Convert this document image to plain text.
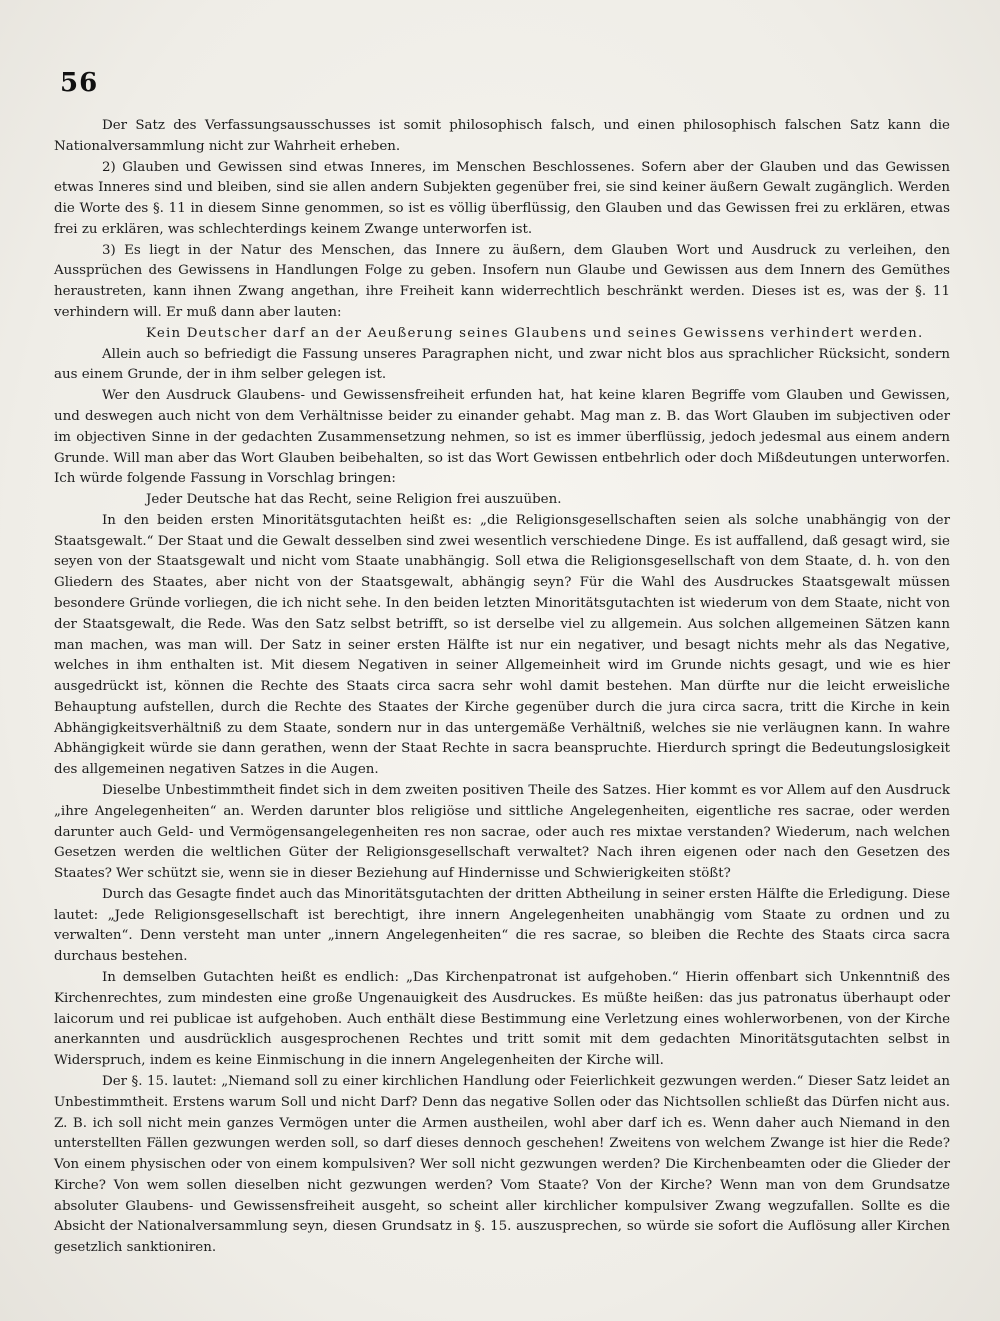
56

Der Satz des Verfassungsausschusses ist somit philosophisch falsch, und einen philosophisch falschen Satz kann die Nationalversammlung nicht zur Wahrheit erheben.

2) Glauben und Gewissen sind etwas Inneres, im Menschen Beschlossenes. Sofern aber der Glauben und das Gewissen etwas Inneres sind und bleiben, sind sie allen andern Subjekten gegenüber frei, sie sind keiner äußern Gewalt zugänglich. Werden die Worte des §. 11 in diesem Sinne genommen, so ist es völlig überflüssig, den Glauben und das Gewissen frei zu erklären, etwas frei zu erklären, was schlechterdings keinem Zwange unterworfen ist.

3) Es liegt in der Natur des Menschen, das Innere zu äußern, dem Glauben Wort und Ausdruck zu verleihen, den Aussprüchen des Gewissens in Handlungen Folge zu geben. Insofern nun Glaube und Gewissen aus dem Innern des Gemüthes heraustreten, kann ihnen Zwang angethan, ihre Freiheit kann widerrechtlich beschränkt werden. Dieses ist es, was der §. 11 verhindern will. Er muß dann aber lauten:

Kein Deutscher darf an der Aeußerung seines Glaubens und seines Gewissens verhindert werden.

Allein auch so befriedigt die Fassung unseres Paragraphen nicht, und zwar nicht blos aus sprachlicher Rücksicht, sondern aus einem Grunde, der in ihm selber gelegen ist.

Wer den Ausdruck Glaubens- und Gewissensfreiheit erfunden hat, hat keine klaren Begriffe vom Glauben und Gewissen, und deswegen auch nicht von dem Verhältnisse beider zu einander gehabt. Mag man z. B. das Wort Glauben im subjectiven oder im objectiven Sinne in der gedachten Zusammensetzung nehmen, so ist es immer überflüssig, jedoch jedesmal aus einem andern Grunde. Will man aber das Wort Glauben beibehalten, so ist das Wort Gewissen entbehrlich oder doch Mißdeutungen unterworfen. Ich würde folgende Fassung in Vorschlag bringen:

Jeder Deutsche hat das Recht, seine Religion frei auszuüben.

In den beiden ersten Minoritätsgutachten heißt es: „die Religionsgesellschaften seien als solche unabhängig von der Staatsgewalt.“ Der Staat und die Gewalt desselben sind zwei wesentlich verschiedene Dinge. Es ist auffallend, daß gesagt wird, sie seyen von der Staatsgewalt und nicht vom Staate unabhängig. Soll etwa die Religionsgesellschaft von dem Staate, d. h. von den Gliedern des Staates, aber nicht von der Staatsgewalt, abhängig seyn? Für die Wahl des Ausdruckes Staatsgewalt müssen besondere Gründe vorliegen, die ich nicht sehe. In den beiden letzten Minoritätsgutachten ist wiederum von dem Staate, nicht von der Staatsgewalt, die Rede. Was den Satz selbst betrifft, so ist derselbe viel zu allgemein. Aus solchen allgemeinen Sätzen kann man machen, was man will. Der Satz in seiner ersten Hälfte ist nur ein negativer, und besagt nichts mehr als das Negative, welches in ihm enthalten ist. Mit diesem Negativen in seiner Allgemeinheit wird im Grunde nichts gesagt, und wie es hier ausgedrückt ist, können die Rechte des Staats circa sacra sehr wohl damit bestehen. Man dürfte nur die leicht erweisliche Behauptung aufstellen, durch die Rechte des Staates der Kirche gegenüber durch die jura circa sacra, tritt die Kirche in kein Abhängigkeitsverhältniß zu dem Staate, sondern nur in das untergemäße Verhältniß, welches sie nie verläugnen kann. In wahre Abhängigkeit würde sie dann gerathen, wenn der Staat Rechte in sacra beanspruchte. Hierdurch springt die Bedeutungslosigkeit des allgemeinen negativen Satzes in die Augen.

Dieselbe Unbestimmtheit findet sich in dem zweiten positiven Theile des Satzes. Hier kommt es vor Allem auf den Ausdruck „ihre Angelegenheiten“ an. Werden darunter blos religiöse und sittliche Angelegenheiten, eigentliche res sacrae, oder werden darunter auch Geld- und Vermögensangelegenheiten res non sacrae, oder auch res mixtae verstanden? Wiederum, nach welchen Gesetzen werden die weltlichen Güter der Religionsgesellschaft verwaltet? Nach ihren eigenen oder nach den Gesetzen des Staates? Wer schützt sie, wenn sie in dieser Beziehung auf Hindernisse und Schwierigkeiten stößt?

Durch das Gesagte findet auch das Minoritätsgutachten der dritten Abtheilung in seiner ersten Hälfte die Erledigung. Diese lautet: „Jede Religionsgesellschaft ist berechtigt, ihre innern Angelegenheiten unabhängig vom Staate zu ordnen und zu verwalten“. Denn versteht man unter „innern Angelegenheiten“ die res sacrae, so bleiben die Rechte des Staats circa sacra durchaus bestehen.

In demselben Gutachten heißt es endlich: „Das Kirchenpatronat ist aufgehoben.“ Hierin offenbart sich Unkenntniß des Kirchenrechtes, zum mindesten eine große Ungenauigkeit des Ausdruckes. Es müßte heißen: das jus patronatus überhaupt oder laicorum und rei publicae ist aufgehoben. Auch enthält diese Bestimmung eine Verletzung eines wohlerworbenen, von der Kirche anerkannten und ausdrücklich ausgesprochenen Rechtes und tritt somit mit dem gedachten Minoritätsgutachten selbst in Widerspruch, indem es keine Einmischung in die innern Angelegenheiten der Kirche will.

Der §. 15. lautet: „Niemand soll zu einer kirchlichen Handlung oder Feierlichkeit gezwungen werden.“ Dieser Satz leidet an Unbestimmtheit. Erstens warum Soll und nicht Darf? Denn das negative Sollen oder das Nichtsollen schließt das Dürfen nicht aus. Z. B. ich soll nicht mein ganzes Vermögen unter die Armen austheilen, wohl aber darf ich es. Wenn daher auch Niemand in den unterstellten Fällen gezwungen werden soll, so darf dieses dennoch geschehen! Zweitens von welchem Zwange ist hier die Rede? Von einem physischen oder von einem kompulsiven? Wer soll nicht gezwungen werden? Die Kirchenbeamten oder die Glieder der Kirche? Von wem sollen dieselben nicht gezwungen werden? Vom Staate? Von der Kirche? Wenn man von dem Grundsatze absoluter Glaubens- und Gewissensfreiheit ausgeht, so scheint aller kirchlicher kompulsiver Zwang wegzufallen. Sollte es die Absicht der Nationalversammlung seyn, diesen Grundsatz in §. 15. auszusprechen, so würde sie sofort die Auflösung aller Kirchen gesetzlich sanktioniren.
